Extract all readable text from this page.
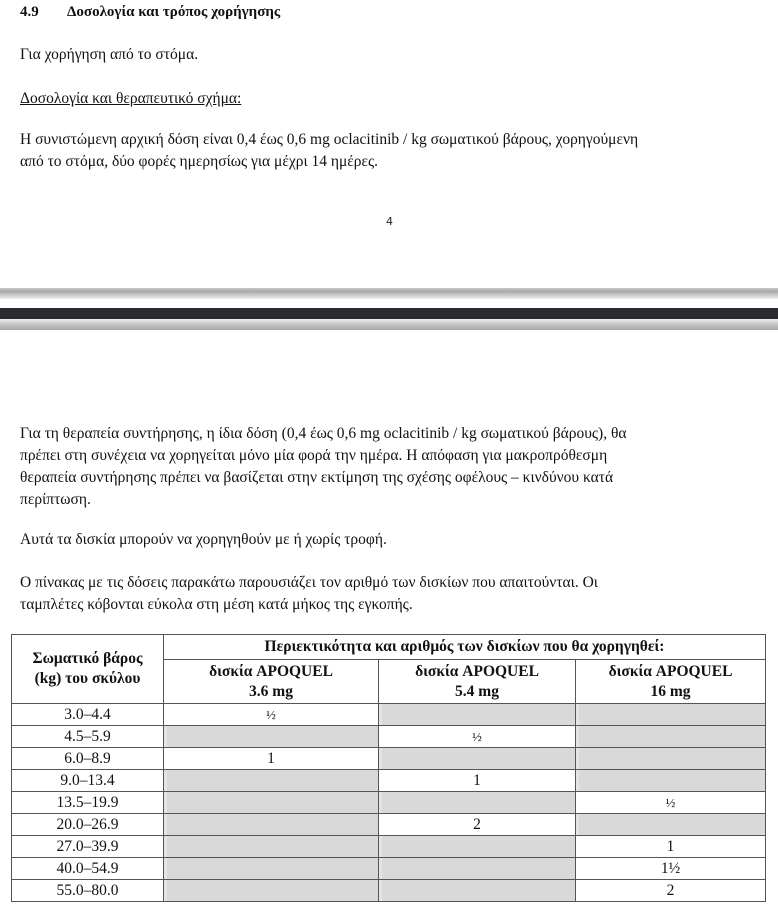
4.9 Δοσολογία και τρόπος χορήγησης
Για χορήγηση από το στόμα.
Δοσολογία και θεραπευτικό σχήμα:
Η συνιστώμενη αρχική δόση είναι 0,4 έως 0,6 mg oclacitinib / kg σωματικού βάρους, χορηγούμενη
από το στόμα, δύο φορές ημερησίως για μέχρι 14 ημέρες.
4
Για τη θεραπεία συντήρησης, η ίδια δόση (0,4 έως 0,6 mg oclacitinib / kg σωματικού βάρους), θα
πρέπει στη συνέχεια να χορηγείται μόνο μία φορά την ημέρα. Η απόφαση για μακροπρόθεσμη
θεραπεία συντήρησης πρέπει να βασίζεται στην εκτίμηση της σχέσης οφέλους – κινδύνου κατά
περίπτωση.
Αυτά τα δισκία μπορούν να χορηγηθούν με ή χωρίς τροφή.
Ο πίνακας με τις δόσεις παρακάτω παρουσιάζει τον αριθμό των δισκίων που απαιτούνται. Οι
ταμπλέτες κόβονται εύκολα στη μέση κατά μήκος της εγκοπής.
Σωματικό βάρος
(kg) του σκύλου	Περιεκτικότητα και αριθμός των δισκίων που θα χορηγηθεί:		

δισκία APOQUEL
3.6 mg

δισκία APOQUEL
5.4 mg

δισκία APOQUEL
16 mg

3.0–4.4	½		
4.5–5.9		½	
6.0–8.9	1		
9.0–13.4		1	
13.5–19.9			½
20.0–26.9		2	
27.0–39.9			1
40.0–54.9			1½
55.0–80.0			2
